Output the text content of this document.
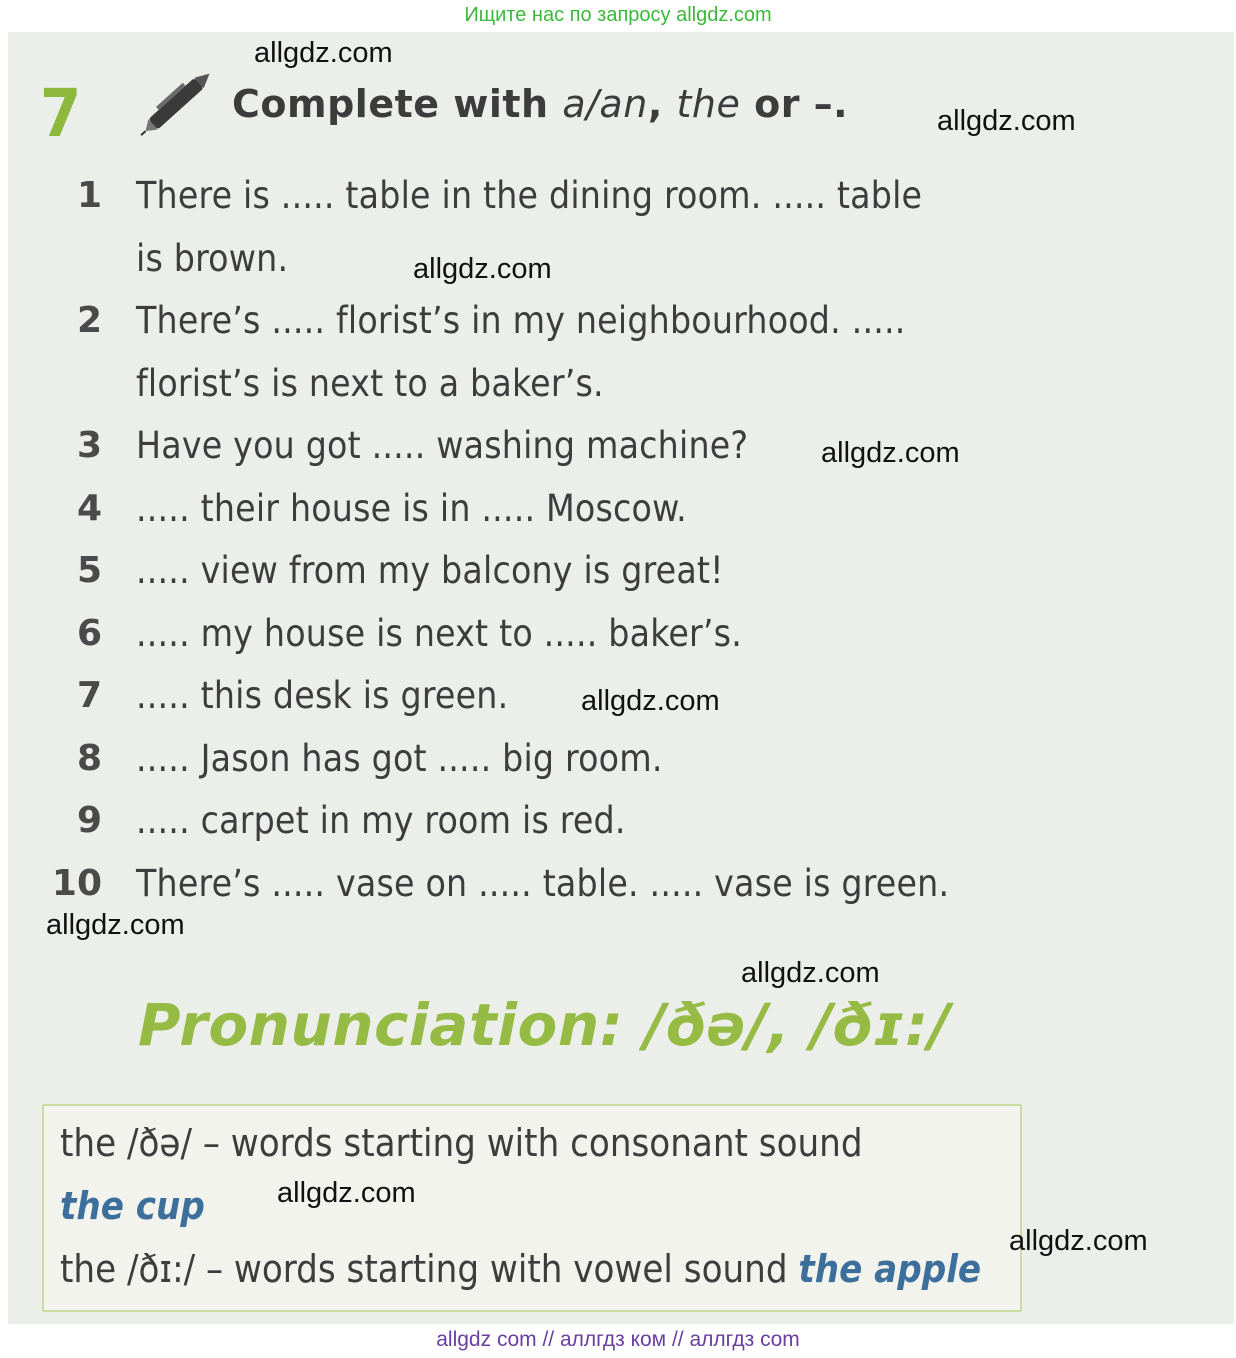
Ищите нас по запросу allgdz.com
7	Complete with a/an, the or –.
1 There is ..... table in the dining room. ..... table
is brown.
2 There’s ..... florist’s in my neighbourhood. .....
florist’s is next to a baker’s.
3 Have you got ..... washing machine?
4 ..... their house is in ..... Moscow.
5 ..... view from my balcony is great!
6 ..... my house is next to ..... baker’s.
7 ..... this desk is green.
8 ..... Jason has got ..... big room.
9 ..... carpet in my room is red.
10 There’s ..... vase on ..... table. ..... vase is green.
Pronunciation: /ðə/, /ðɪ:/
the /ðə/ – words starting with consonant sound
the cup
the /ðɪ:/ – words starting with vowel sound the apple
allgdz.com
allgdz.com
allgdz.com
allgdz.com
allgdz.com
allgdz.com
allgdz.com
allgdz.com
allgdz.com
allgdz com // аллгдз ком // аллгдз com
